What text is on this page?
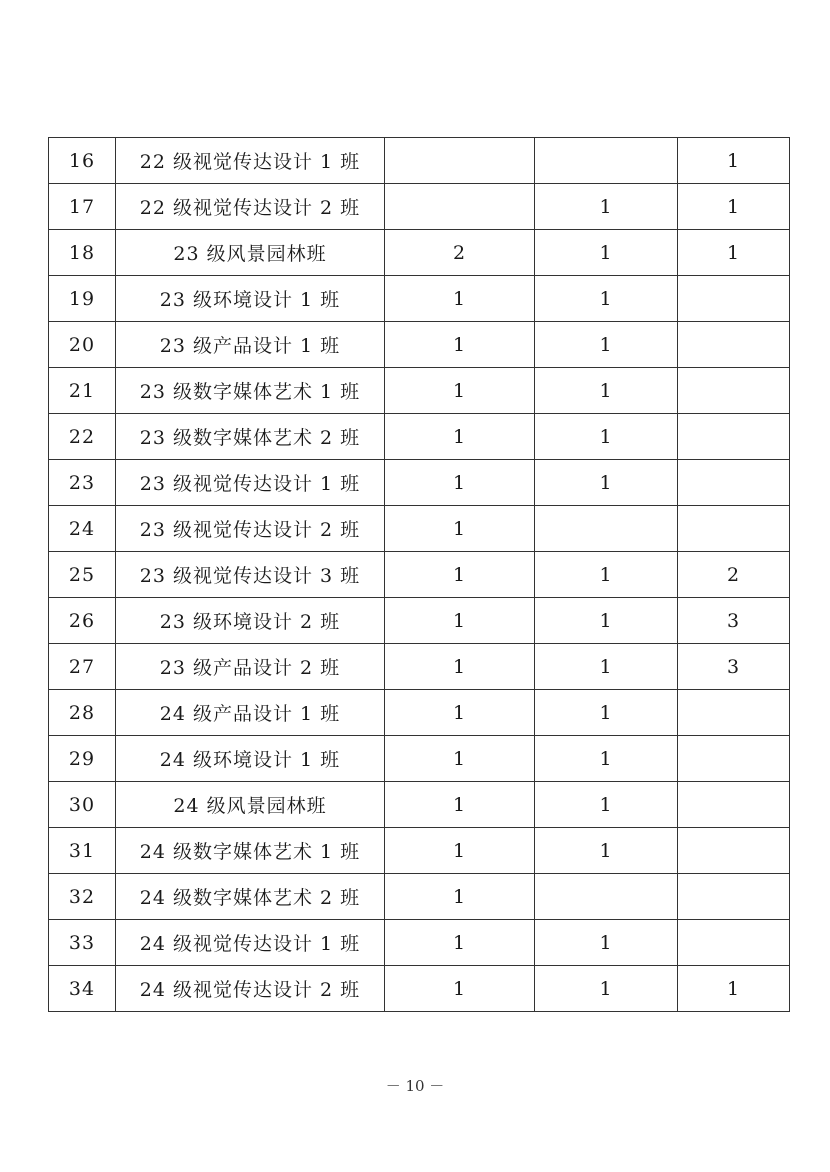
16	22 级视觉传达设计 1 班			1
17	22 级视觉传达设计 2 班		1	1
18	23 级风景园林班	2	1	1
19	23 级环境设计 1 班	1	1	
20	23 级产品设计 1 班	1	1	
21	23 级数字媒体艺术 1 班	1	1	
22	23 级数字媒体艺术 2 班	1	1	
23	23 级视觉传达设计 1 班	1	1	
24	23 级视觉传达设计 2 班	1		
25	23 级视觉传达设计 3 班	1	1	2
26	23 级环境设计 2 班	1	1	3
27	23 级产品设计 2 班	1	1	3
28	24 级产品设计 1 班	1	1	
29	24 级环境设计 1 班	1	1	
30	24 级风景园林班	1	1	
31	24 级数字媒体艺术 1 班	1	1	
32	24 级数字媒体艺术 2 班	1		
33	24 级视觉传达设计 1 班	1	1	
34	24 级视觉传达设计 2 班	1	1	1
－ 10 －
